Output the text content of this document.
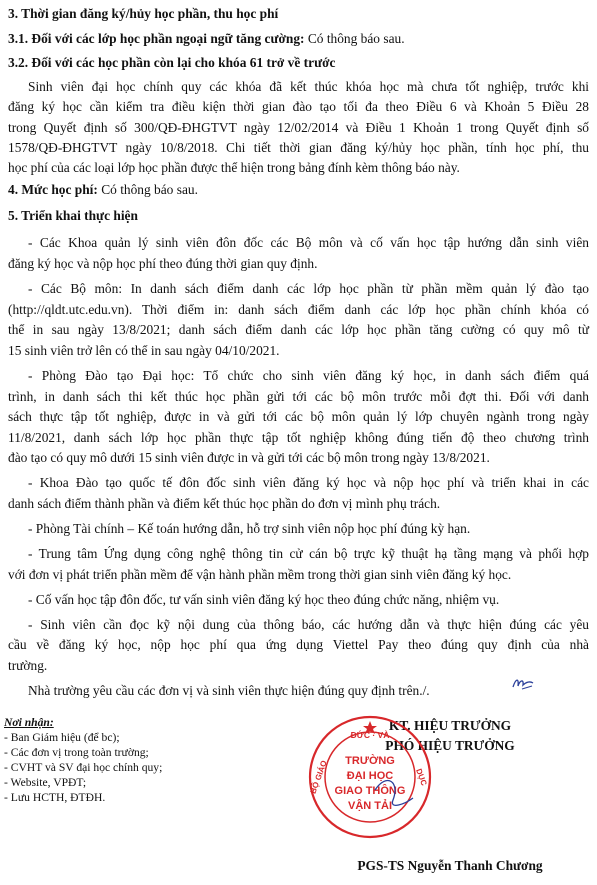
3. Thời gian đăng ký/hủy học phần, thu học phí
3.1. Đối với các lớp học phần ngoại ngữ tăng cường: Có thông báo sau.
3.2. Đối với các học phần còn lại cho khóa 61 trở về trước
Sinh viên đại học chính quy các khóa đã kết thúc khóa học mà chưa tốt nghiệp, trước khi
đăng ký học cần kiểm tra điều kiện thời gian đào tạo tối đa theo Điều 6 và Khoản 5 Điều 28
trong Quyết định số 300/QĐ-ĐHGTVT ngày 12/02/2014 và Điều 1 Khoản 1 trong Quyết định số
1578/QĐ-ĐHGTVT ngày 10/8/2018. Chi tiết thời gian đăng ký/hủy học phần, tính học phí, thu
học phí của các loại lớp học phần được thể hiện trong bảng đính kèm thông báo này.
4. Mức học phí: Có thông báo sau.
5. Triển khai thực hiện
- Các Khoa quản lý sinh viên đôn đốc các Bộ môn và cố vấn học tập hướng dẫn sinh viên
đăng ký học và nộp học phí theo đúng thời gian quy định.
- Các Bộ môn: In danh sách điểm danh các lớp học phần từ phần mềm quản lý đào tạo
(http://qldt.utc.edu.vn). Thời điểm in: danh sách điểm danh các lớp học phần chính khóa có
thể in sau ngày 13/8/2021; danh sách điểm danh các lớp học phần tăng cường có quy mô từ
15 sinh viên trở lên có thể in sau ngày 04/10/2021.
- Phòng Đào tạo Đại học: Tổ chức cho sinh viên đăng ký học, in danh sách điểm quá
trình, in danh sách thi kết thúc học phần gửi tới các bộ môn trước mỗi đợt thi. Đối với danh
sách thực tập tốt nghiệp, được in và gửi tới các bộ môn quản lý lớp chuyên ngành trong ngày
11/8/2021, danh sách lớp học phần thực tập tốt nghiệp không đúng tiến độ theo chương trình
đào tạo có quy mô dưới 15 sinh viên được in và gửi tới các bộ môn trong ngày 13/8/2021.
- Khoa Đào tạo quốc tế đôn đốc sinh viên đăng ký học và nộp học phí và triển khai in các
danh sách điểm thành phần và điểm kết thúc học phần do đơn vị mình phụ trách.
- Phòng Tài chính – Kế toán hướng dẫn, hỗ trợ sinh viên nộp học phí đúng kỳ hạn.
- Trung tâm Ứng dụng công nghệ thông tin cử cán bộ trực kỹ thuật hạ tầng mạng và phối hợp
với đơn vị phát triển phần mềm để vận hành phần mềm trong thời gian sinh viên đăng ký học.
- Cố vấn học tập đôn đốc, tư vấn sinh viên đăng ký học theo đúng chức năng, nhiệm vụ.
- Sinh viên cần đọc kỹ nội dung của thông báo, các hướng dẫn và thực hiện đúng các yêu
cầu về đăng ký học, nộp học phí qua ứng dụng Viettel Pay theo đúng quy định của nhà
trường.
Nhà trường yêu cầu các đơn vị và sinh viên thực hiện đúng quy định trên./.
Nơi nhận:
- Ban Giám hiệu (để bc);
- Các đơn vị trong toàn trường;
- CVHT và SV đại học chính quy;
- Website, VPĐT;
- Lưu HCTH, ĐTĐH.
KT. HIỆU TRƯỞNG
PHÓ HIỆU TRƯỞNG
ĐỨC · VÀ
TRƯỜNG
ĐẠI HỌC
GIAO THÔNG
VẬN TẢI
BỘ GIÁO	DỤC
PGS-TS Nguyễn Thanh Chương
